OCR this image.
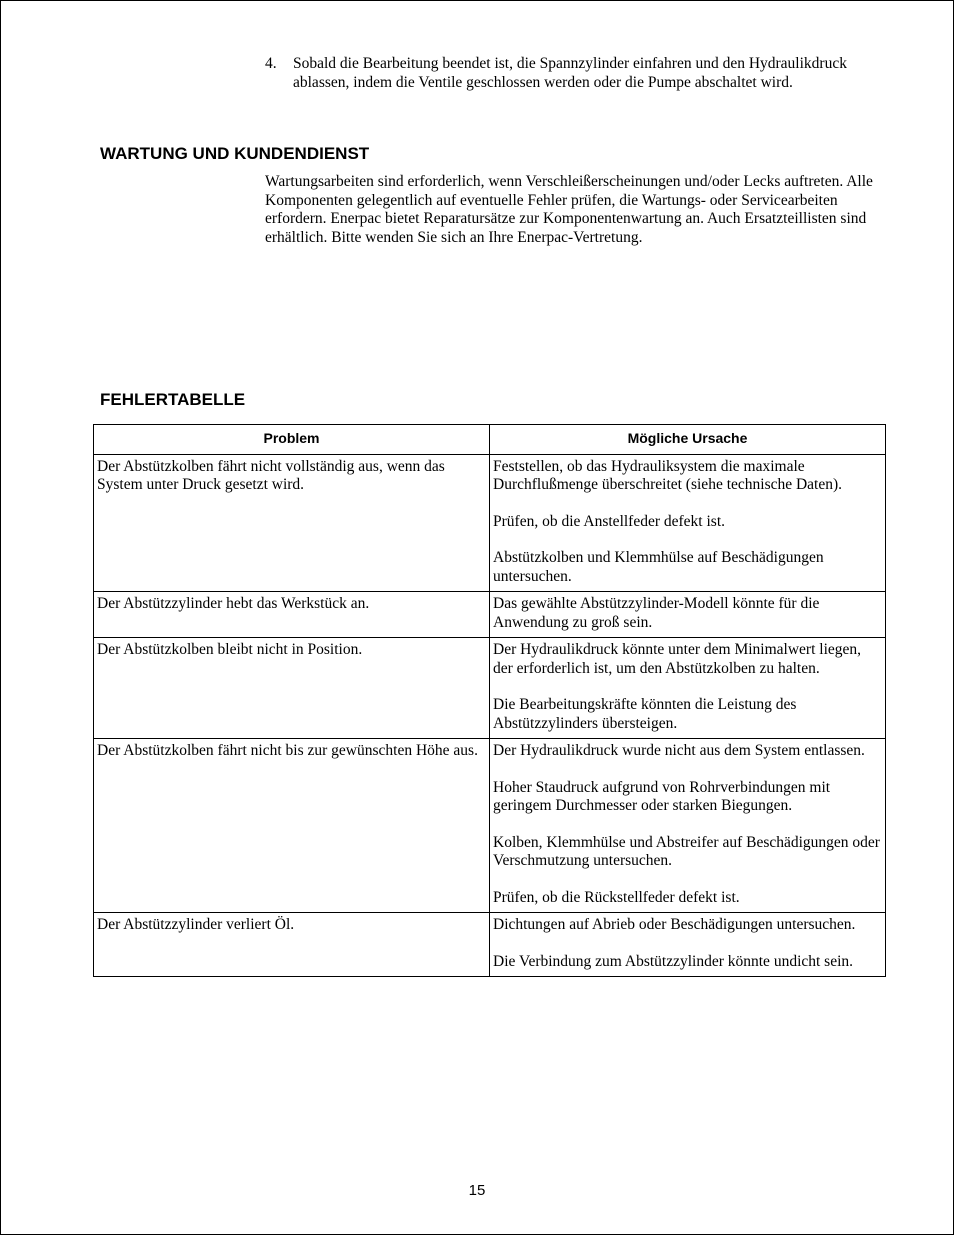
4.	Sobald die Bearbeitung beendet ist, die Spannzylinder einfahren und den Hydraulikdruck ablassen, indem die Ventile geschlossen werden oder die Pumpe abschaltet wird.
WARTUNG UND KUNDENDIENST
Wartungsarbeiten sind erforderlich, wenn Verschleißerscheinungen und/oder Lecks auftreten. Alle Komponenten gelegentlich auf eventuelle Fehler prüfen, die Wartungs- oder Servicearbeiten erfordern. Enerpac bietet Reparatursätze zur Komponentenwartung an. Auch Ersatzteillisten sind erhältlich. Bitte wenden Sie sich an Ihre Enerpac-Vertretung.
FEHLERTABELLE
Problem	Mögliche Ursache
Der Abstützkolben fährt nicht vollständig aus, wenn das System unter Druck gesetzt wird.	Feststellen, ob das Hydrauliksystem die maximale Durchflußmenge überschreitet (siehe technische Daten).

Prüfen, ob die Anstellfeder defekt ist.

Abstützkolben und Klemmhülse auf Beschädigungen untersuchen.

Der Abstützzylinder hebt das Werkstück an.	Das gewählte Abstützzylinder-Modell könnte für die Anwendung zu groß sein.

Der Abstützkolben bleibt nicht in Position.	Der Hydraulikdruck könnte unter dem Minimalwert liegen, der erforderlich ist, um den Abstützkolben zu halten.

Die Bearbeitungskräfte könnten die Leistung des Abstützzylinders übersteigen.

Der Abstützkolben fährt nicht bis zur gewünschten Höhe aus.	Der Hydraulikdruck wurde nicht aus dem System entlassen.

Hoher Staudruck aufgrund von Rohrverbindungen mit geringem Durchmesser oder starken Biegungen.

Kolben, Klemmhülse und Abstreifer auf Beschädigungen oder Verschmutzung untersuchen.

Prüfen, ob die Rückstellfeder defekt ist.

Der Abstützzylinder verliert Öl.	Dichtungen auf Abrieb oder Beschädigungen untersuchen.

Die Verbindung zum Abstützzylinder könnte undicht sein.

15
